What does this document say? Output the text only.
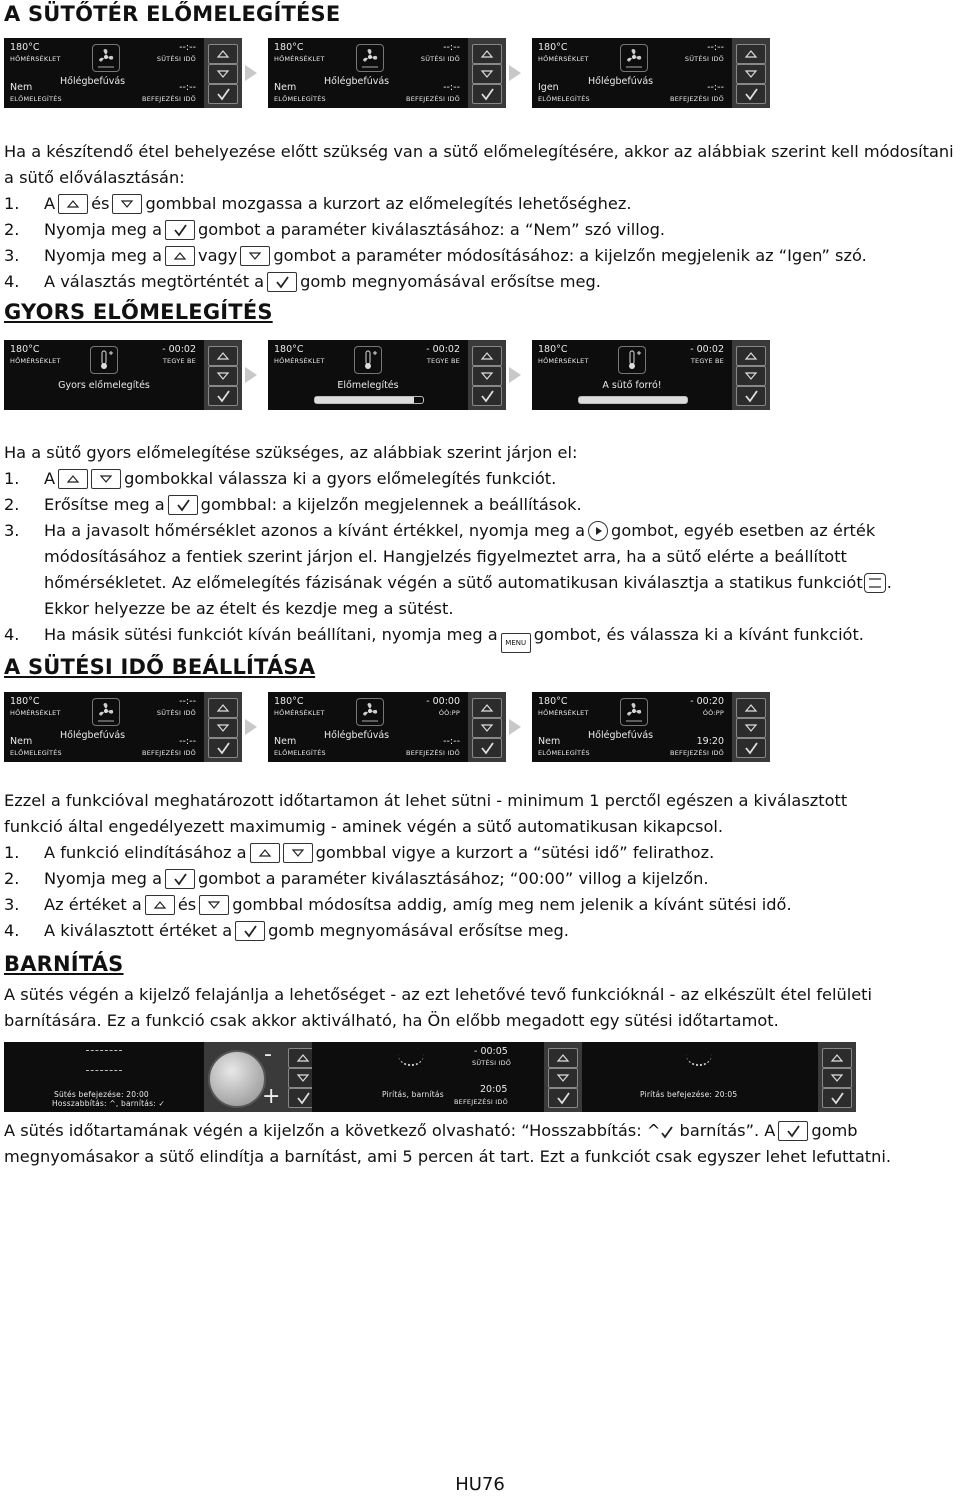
A SÜTŐTÉR ELŐMELEGÍTÉSE
180°C
HŐMÉRSÉKLET
--:--
SÜTÉSI IDŐ
Nem
ELŐMELEGÍTÉS
Hőlégbefúvás
--:--
BEFEJEZÉSI IDŐ
180°C
HŐMÉRSÉKLET
--:--
SÜTÉSI IDŐ
Nem
ELŐMELEGÍTÉS
Hőlégbefúvás
--:--
BEFEJEZÉSI IDŐ
180°C
HŐMÉRSÉKLET
--:--
SÜTÉSI IDŐ
Igen
ELŐMELEGÍTÉS
Hőlégbefúvás
--:--
BEFEJEZÉSI IDŐ
Ha a készítendő étel behelyezése előtt szükség van a sütő előmelegítésére, akkor az alábbiak szerint kell módosítani a sütő előválasztásán:
1. A és gombbal mozgassa a kurzort az előmelegítés lehetőséghez.
2. Nyomja meg a gombot a paraméter kiválasztásához: a “Nem” szó villog.
3. Nyomja meg a vagy gombot a paraméter módosításához: a kijelzőn megjelenik az “Igen” szó.
4. A választás megtörténtét a gomb megnyomásával erősítse meg.
GYORS ELŐMELEGÍTÉS
180°C
HŐMÉRSÉKLET
- 00:02
TEGYE BE
Gyors előmelegítés
180°C
HŐMÉRSÉKLET
- 00:02
TEGYE BE
Előmelegítés
180°C
HŐMÉRSÉKLET
- 00:02
TEGYE BE
A sütő forró!
Ha a sütő gyors előmelegítése szükséges, az alábbiak szerint járjon el:
1. A	gombokkal válassza ki a gyors előmelegítés funkciót.
2. Erősítse meg a gombbal: a kijelzőn megjelennek a beállítások.
3. Ha a javasolt hőmérséklet azonos a kívánt értékkel, nyomja meg a gombot, egyéb esetben az érték
módosításához a fentiek szerint járjon el. Hangjelzés figyelmeztet arra, ha a sütő elérte a beállított
hőmérsékletet. Az előmelegítés fázisának végén a sütő automatikusan kiválasztja a statikus funkciót .
Ekkor helyezze be az ételt és kezdje meg a sütést.
4. Ha másik sütési funkciót kíván beállítani, nyomja meg a MENU gombot, és válassza ki a kívánt funkciót.
A SÜTÉSI IDŐ BEÁLLÍTÁSA
180°C
HŐMÉRSÉKLET
--:--
SÜTÉSI IDŐ
Nem
ELŐMELEGÍTÉS
Hőlégbefúvás
--:--
BEFEJEZÉSI IDŐ
180°C
HŐMÉRSÉKLET
- 00:00
ÓÓ:PP
Nem
ELŐMELEGÍTÉS
Hőlégbefúvás
--:--
BEFEJEZÉSI IDŐ
180°C
HŐMÉRSÉKLET
- 00:20
ÓÓ:PP
Nem
ELŐMELEGÍTÉS
Hőlégbefúvás
19:20
BEFEJEZÉSI IDŐ
Ezzel a funkcióval meghatározott időtartamon át lehet sütni - minimum 1 perctől egészen a kiválasztott
funkció által engedélyezett maximumig - aminek végén a sütő automatikusan kikapcsol.
1. A funkció elindításához a	gombbal vigye a kurzort a “sütési idő” felirathoz.
2. Nyomja meg a gombot a paraméter kiválasztásához; “00:00” villog a kijelzőn.
3. Az értéket a és gombbal módosítsa addig, amíg meg nem jelenik a kívánt sütési idő.
4. A kiválasztott értéket a gomb megnyomásával erősítse meg.
BARNÍTÁS
A sütés végén a kijelző felajánlja a lehetőséget - az ezt lehetővé tevő funkcióknál - az elkészült étel felületi
barnítására. Ez a funkció csak akkor aktiválható, ha Ön előbb megadott egy sütési időtartamot.
Sütés befejezése: 20:00
Hosszabbítás: ^, barnítás: ✓
-
+
- 00:05
SÜTÉSI IDŐ
Pirítás, barnítás	20:05
BEFEJEZÉSI IDŐ
Pirítás befejezése: 20:05
A sütés időtartamának végén a kijelzőn a következő olvasható: “Hosszabbítás: ^ barnítás”. A gomb
megnyomásakor a sütő elindítja a barnítást, ami 5 percen át tart. Ezt a funkciót csak egyszer lehet lefuttatni.
HU76
